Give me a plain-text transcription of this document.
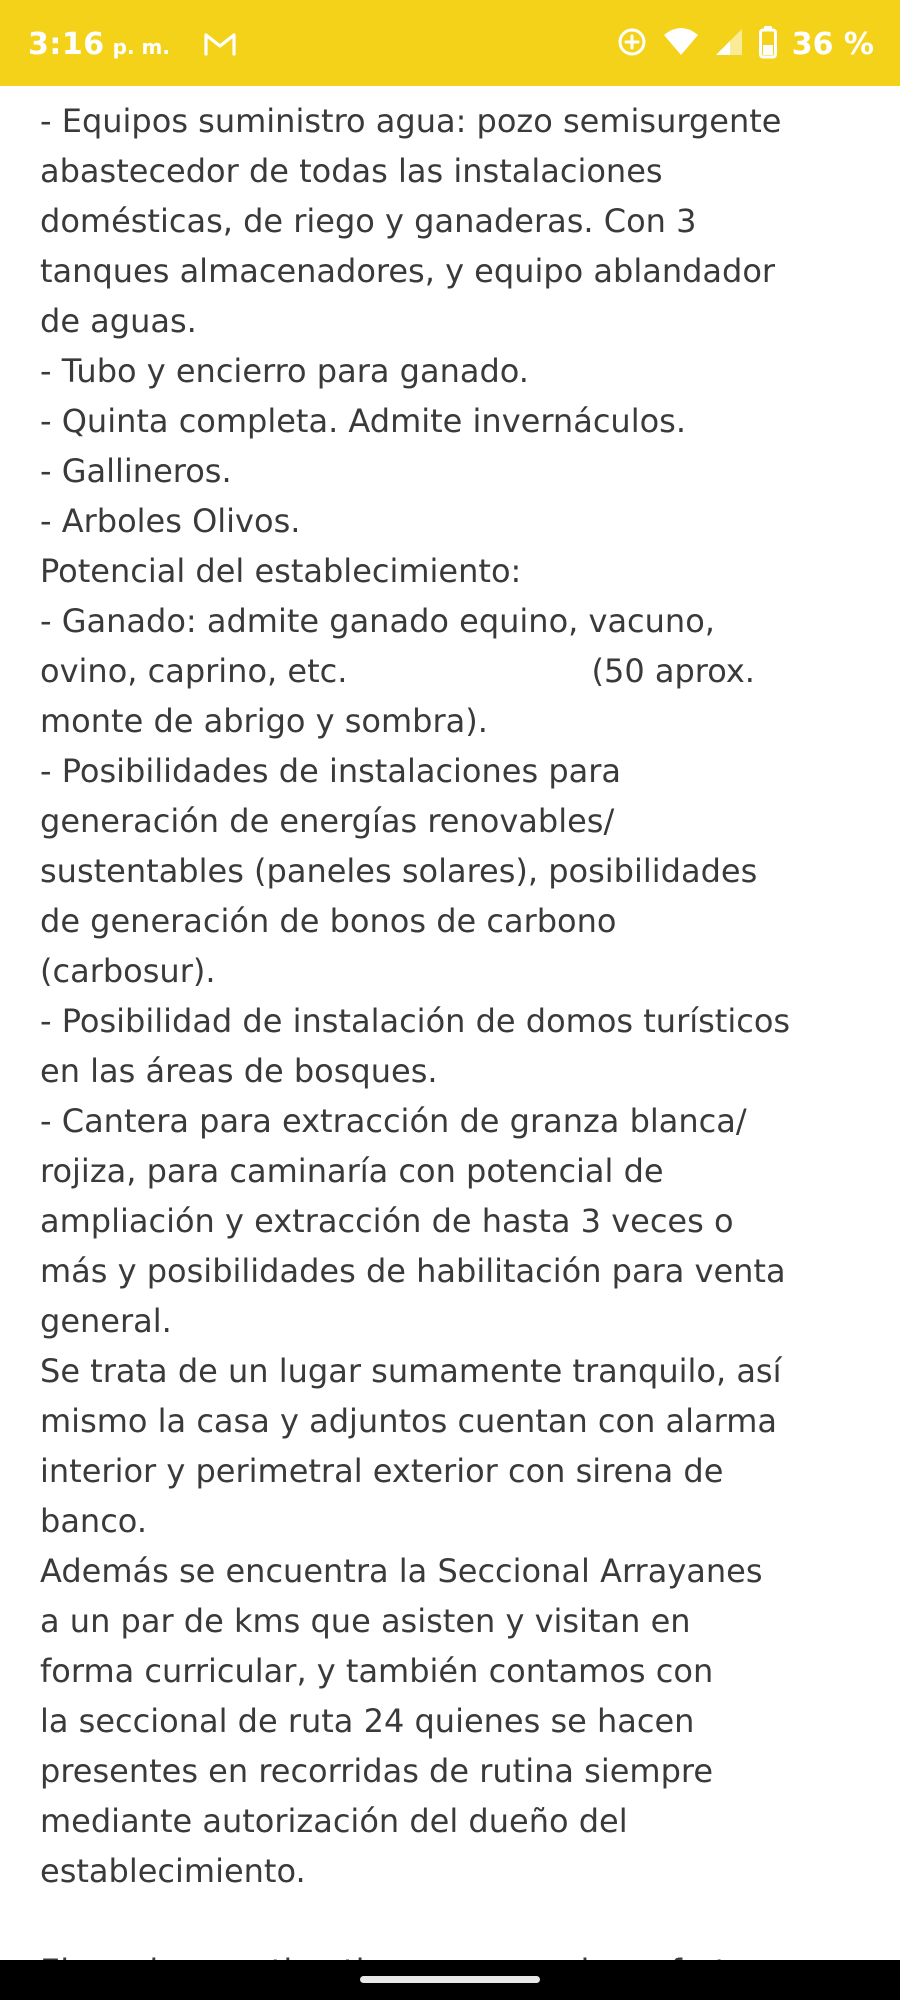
3:16 p. m.	36 %
- Equipos suministro agua: pozo semisurgente
abastecedor de todas las instalaciones
domésticas, de riego y ganaderas. Con 3
tanques almacenadores, y equipo ablandador
de aguas.
- Tubo y encierro para ganado.
- Quinta completa. Admite invernáculos.
- Gallineros.
- Arboles Olivos.
Potencial del establecimiento:
- Ganado: admite ganado equino, vacuno,
ovino, caprino, etc.                        (50 aprox.
monte de abrigo y sombra).
- Posibilidades de instalaciones para
generación de energías renovables/
sustentables (paneles solares), posibilidades
de generación de bonos de carbono
(carbosur).
- Posibilidad de instalación de domos turísticos
en las áreas de bosques.
- Cantera para extracción de granza blanca/
rojiza, para caminaría con potencial de
ampliación y extracción de hasta 3 veces o
más y posibilidades de habilitación para venta
general.
Se trata de un lugar sumamente tranquilo, así
mismo la casa y adjuntos cuentan con alarma
interior y perimetral exterior con sirena de
banco.
Además se encuentra la Seccional Arrayanes
a un par de kms que asisten y visitan en
forma curricular, y también contamos con
la seccional de ruta 24 quienes se hacen
presentes en recorridas de rutina siempre
mediante autorización del dueño del
establecimiento.
